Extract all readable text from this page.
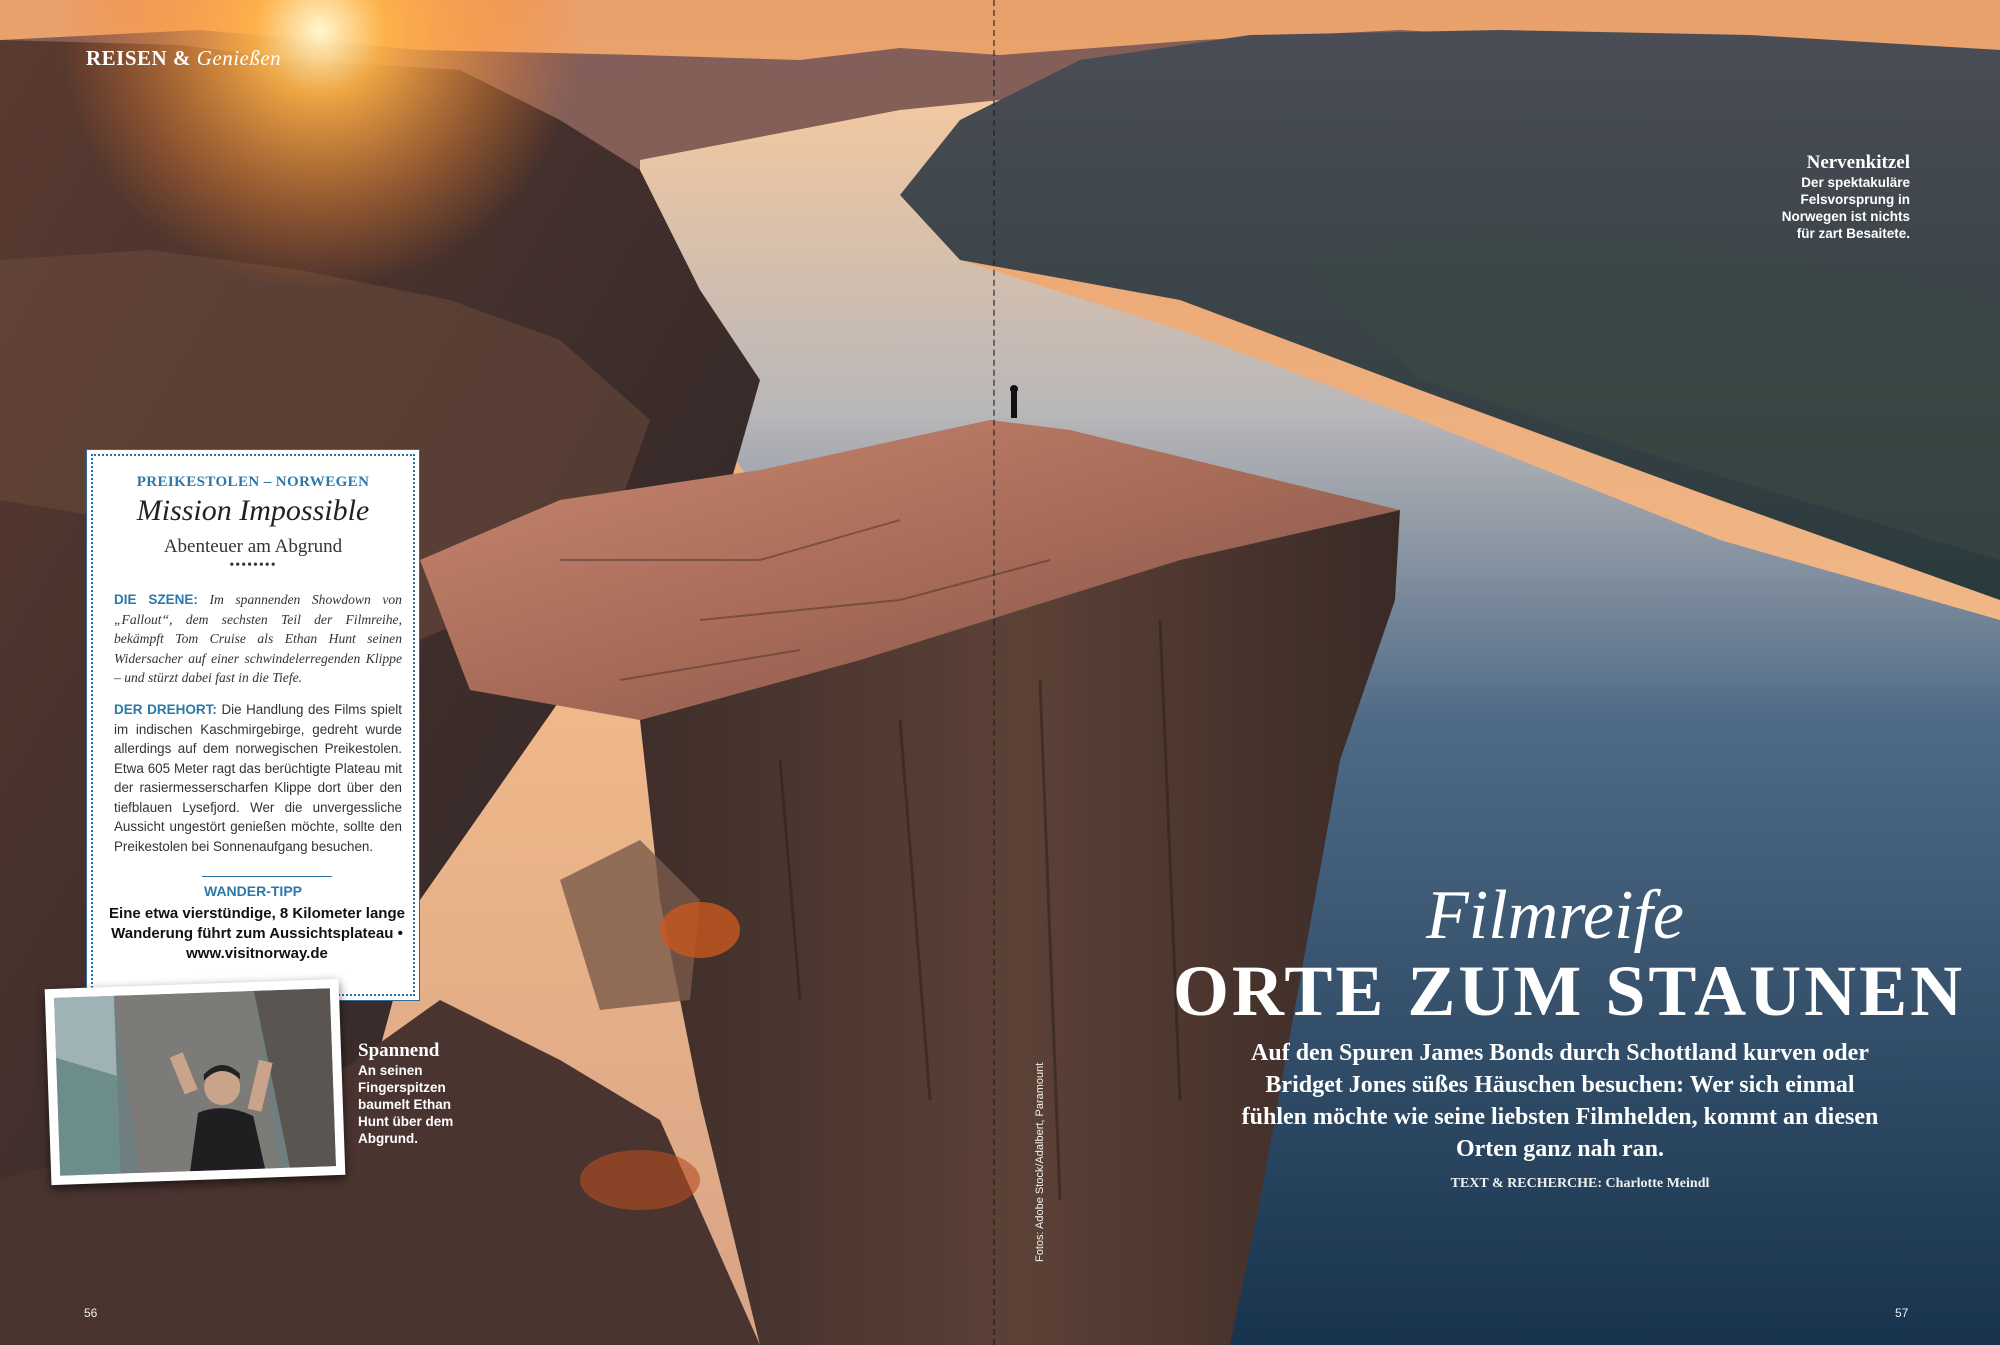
REISEN & Genießen
PREIKESTOLEN – NORWEGEN
Mission Impossible
Abenteuer am Abgrund
••••••••
DIE SZENE: Im spannenden Showdown von „Fallout“, dem sechsten Teil der Filmreihe, bekämpft Tom Cruise als Ethan Hunt seinen Widersacher auf einer schwindelerregenden Klippe – und stürzt dabei fast in die Tiefe.
DER DREHORT: Die Handlung des Films spielt im indischen Kaschmirgebirge, gedreht wurde allerdings auf dem norwegischen Preikestolen. Etwa 605 Meter ragt das berüchtigte Plateau mit der rasiermesserscharfen Klippe dort über den tiefblauen Lysefjord. Wer die unvergessliche Aussicht ungestört genießen möchte, sollte den Preikestolen bei Sonnenaufgang besuchen.
WANDER-TIPP
Eine etwa vierstündige, 8 Kilometer lange Wanderung führt zum Aussichtsplateau • www.visitnorway.de
Spannend
An seinen Fingerspitzen baumelt Ethan Hunt über dem Abgrund.
Nervenkitzel
Der spektakuläre Felsvorsprung in Norwegen ist nichts für zart Besaitete.
Filmreife
ORTE ZUM STAUNEN
Auf den Spuren James Bonds durch Schottland kurven oder Bridget Jones süßes Häuschen besuchen: Wer sich einmal fühlen möchte wie seine liebsten Filmhelden, kommt an diesen Orten ganz nah ran.
TEXT & RECHERCHE: Charlotte Meindl
Fotos: Adobe Stock/Adalbert, Paramount
56	57
